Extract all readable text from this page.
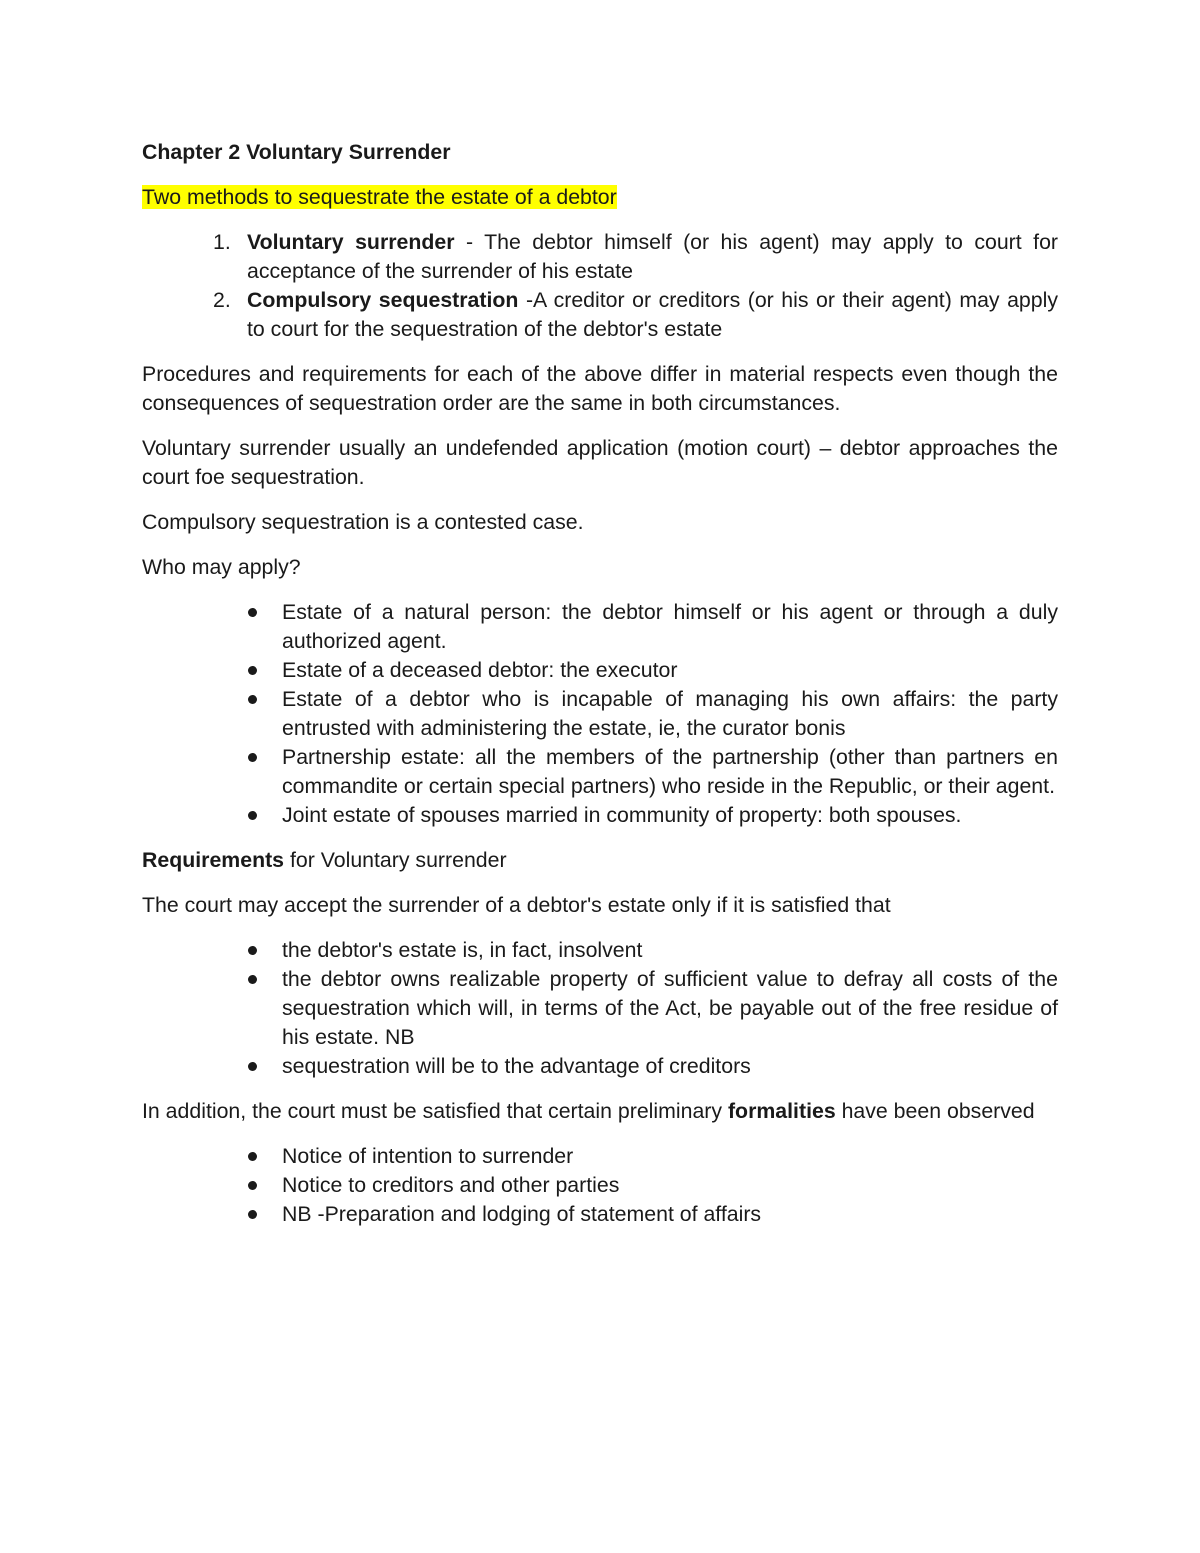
Chapter 2 Voluntary Surrender

Two methods to sequestrate the estate of a debtor

1. Voluntary surrender - The debtor himself (or his agent) may apply to court for acceptance of the surrender of his estate
2. Compulsory sequestration -A creditor or creditors (or his or their agent) may apply to court for the sequestration of the debtor's estate

Procedures and requirements for each of the above differ in material respects even though the consequences of sequestration order are the same in both circumstances.

Voluntary surrender usually an undefended application (motion court) – debtor approaches the court foe sequestration.

Compulsory sequestration is a contested case.

Who may apply?

Estate of a natural person: the debtor himself or his agent or through a duly authorized agent.
Estate of a deceased debtor: the executor
Estate of a debtor who is incapable of managing his own affairs: the party entrusted with administering the estate, ie, the curator bonis
Partnership estate: all the members of the partnership (other than partners en commandite or certain special partners) who reside in the Republic, or their agent.
Joint estate of spouses married in community of property: both spouses.

Requirements for Voluntary surrender

The court may accept the surrender of a debtor's estate only if it is satisfied that

the debtor's estate is, in fact, insolvent
the debtor owns realizable property of sufficient value to defray all costs of the sequestration which will, in terms of the Act, be payable out of the free residue of his estate. NB
sequestration will be to the advantage of creditors

In addition, the court must be satisfied that certain preliminary formalities have been observed

Notice of intention to surrender
Notice to creditors and other parties
NB -Preparation and lodging of statement of affairs
